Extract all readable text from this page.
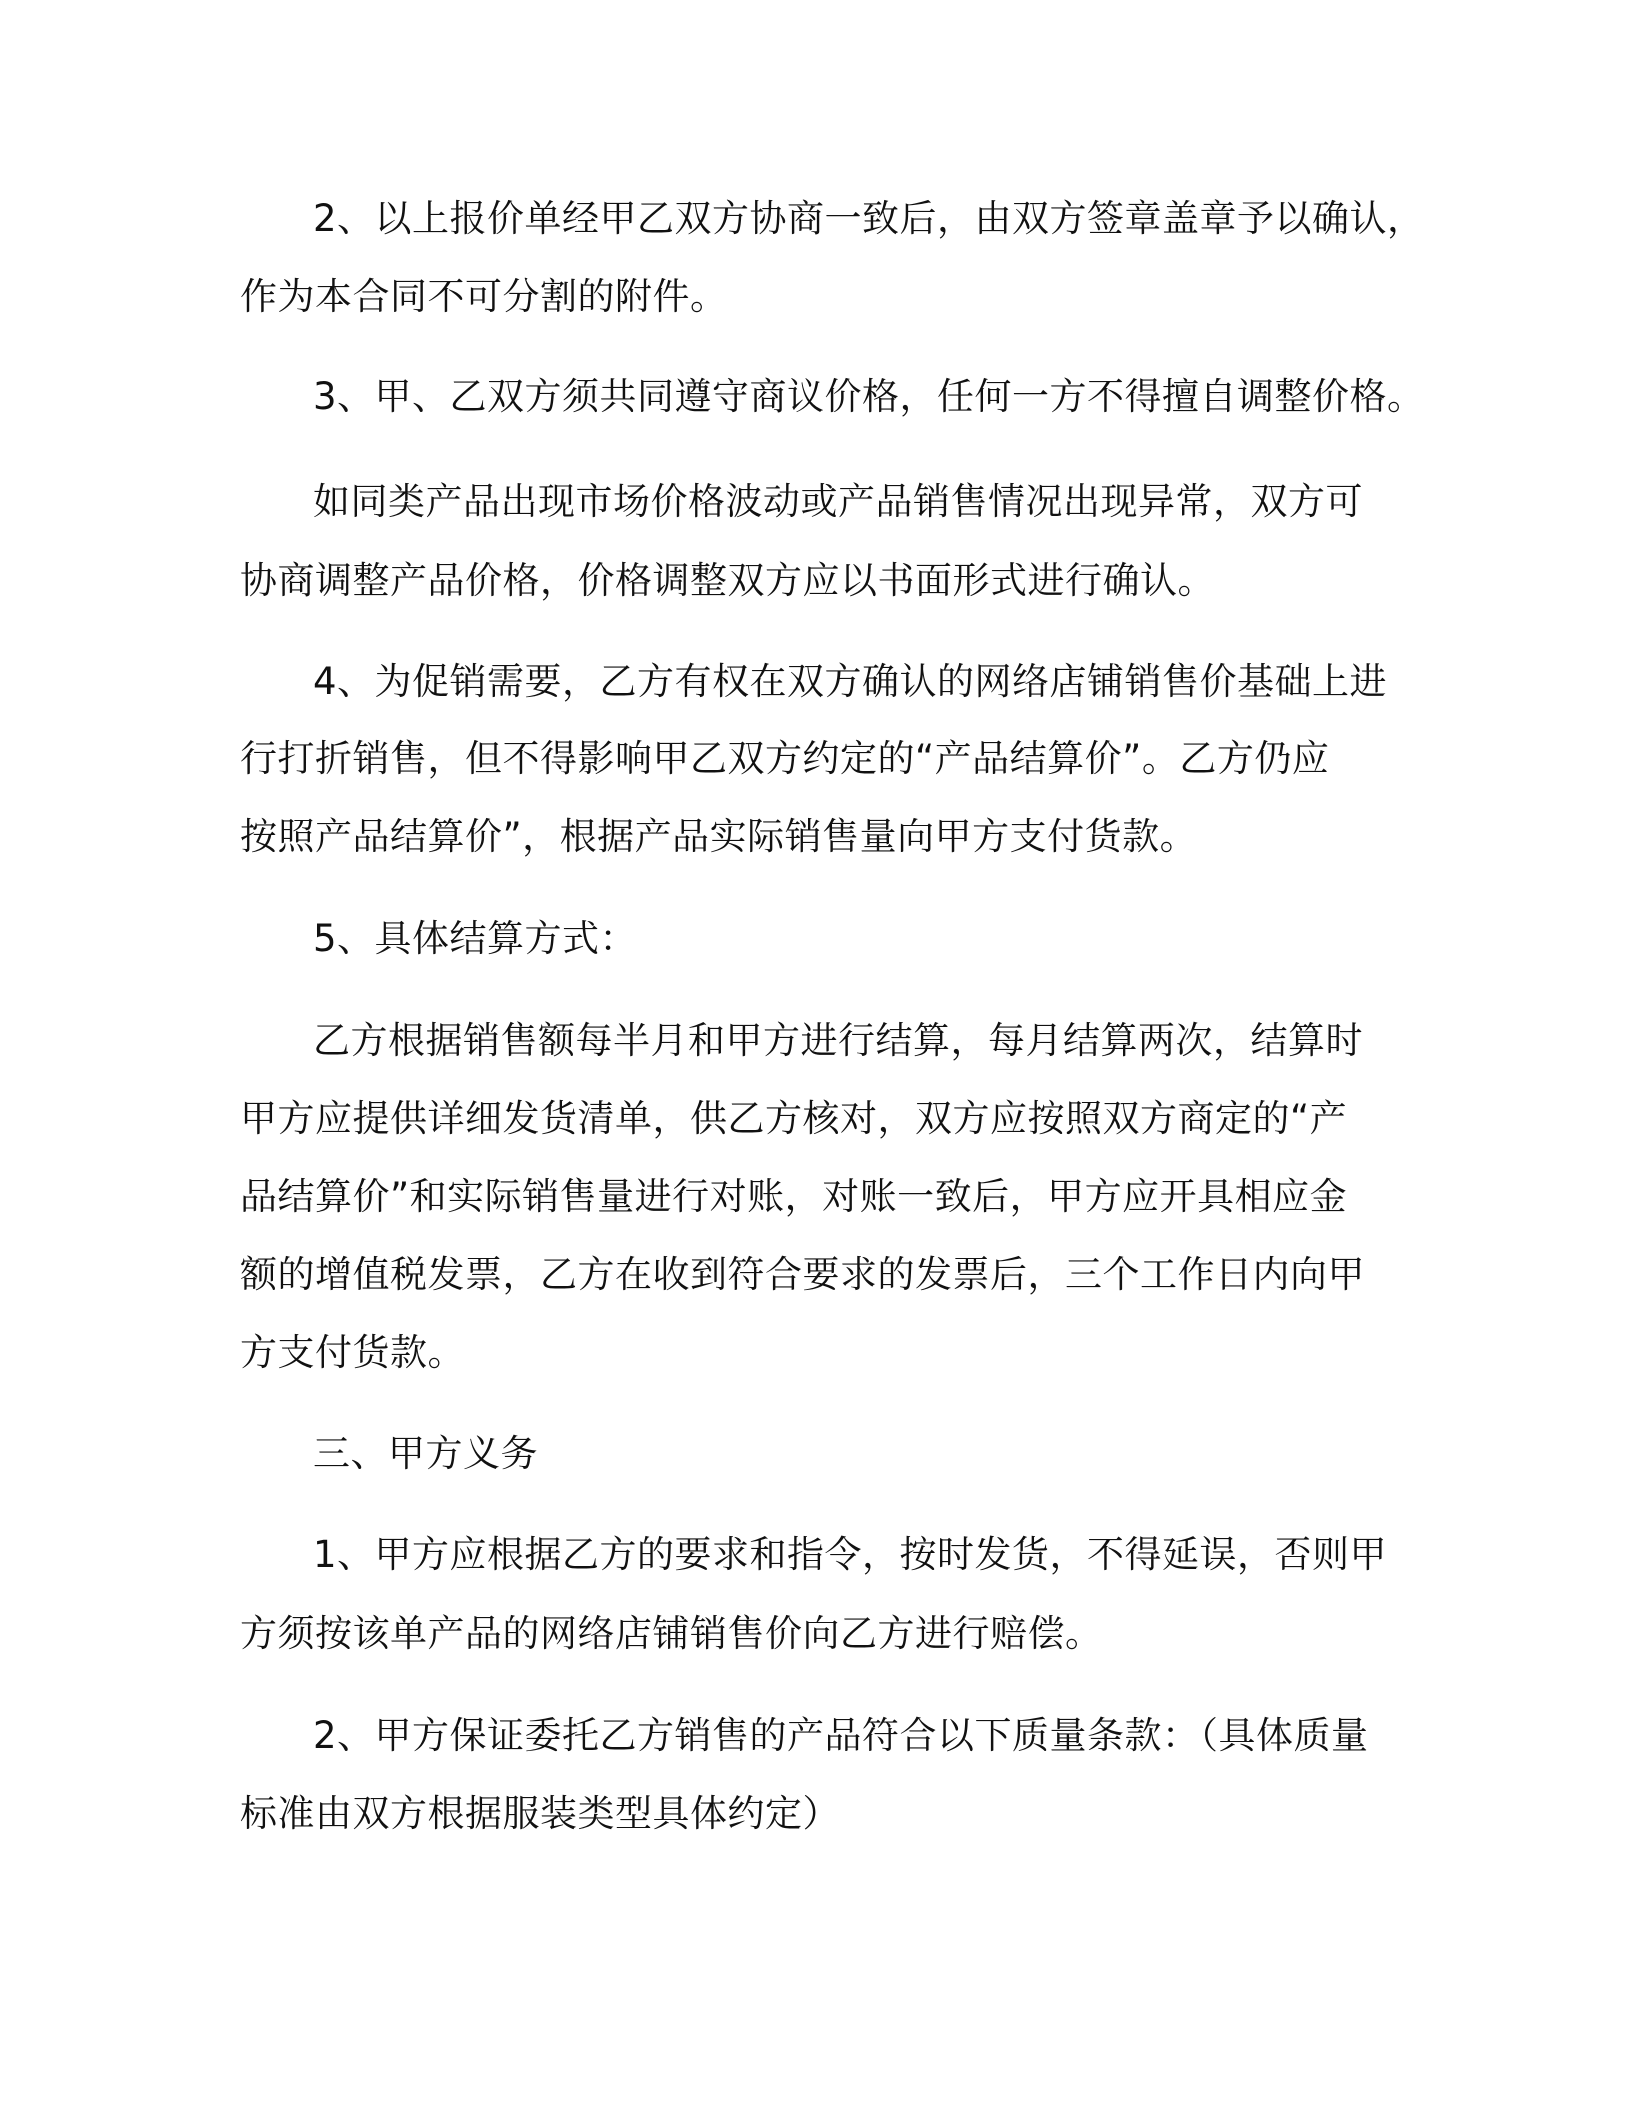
2、以上报价单经甲乙双方协商一致后，由双方签章盖章予以确认，
作为本合同不可分割的附件。
3、甲、乙双方须共同遵守商议价格，任何一方不得擅自调整价格。
如同类产品出现市场价格波动或产品销售情况出现异常，双方可
协商调整产品价格，价格调整双方应以书面形式进行确认。
4、为促销需要，乙方有权在双方确认的网络店铺销售价基础上进
行打折销售，但不得影响甲乙双方约定的“产品结算价”。乙方仍应
按照产品结算价”，根据产品实际销售量向甲方支付货款。
5、具体结算方式：
乙方根据销售额每半月和甲方进行结算，每月结算两次，结算时
甲方应提供详细发货清单，供乙方核对，双方应按照双方商定的“产
品结算价”和实际销售量进行对账，对账一致后，甲方应开具相应金
额的增值税发票，乙方在收到符合要求的发票后，三个工作日内向甲
方支付货款。
三、甲方义务
1、甲方应根据乙方的要求和指令，按时发货，不得延误，否则甲
方须按该单产品的网络店铺销售价向乙方进行赔偿。
2、甲方保证委托乙方销售的产品符合以下质量条款：（具体质量
标准由双方根据服装类型具体约定）
